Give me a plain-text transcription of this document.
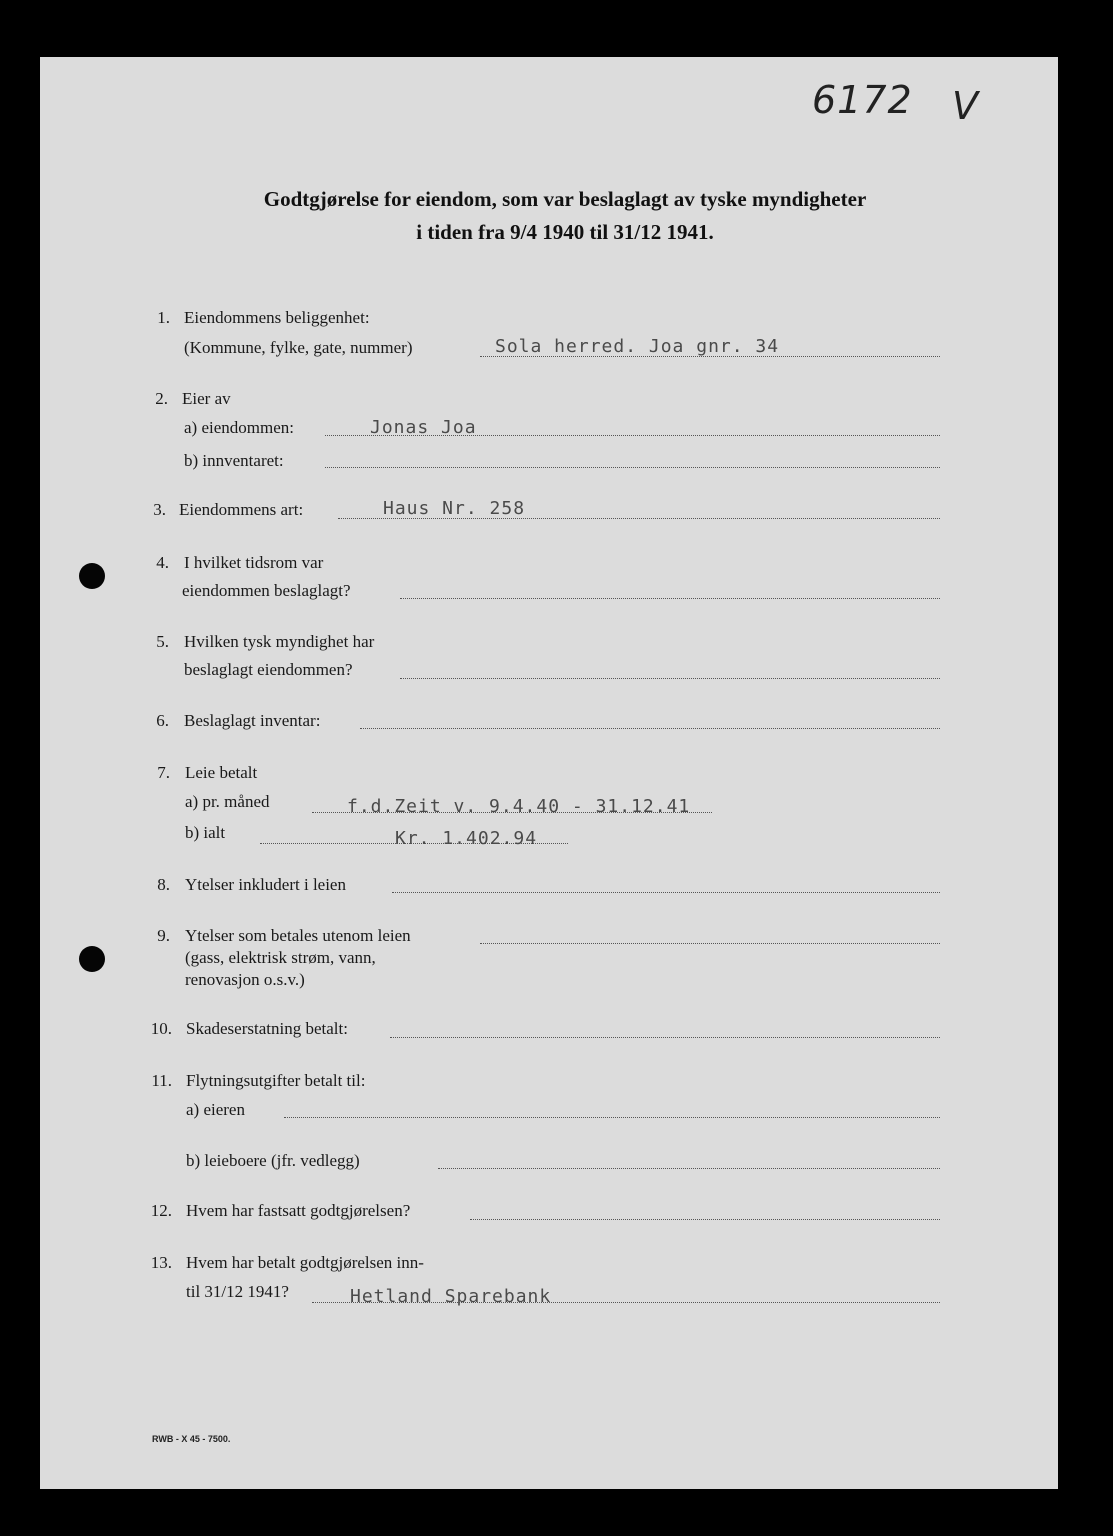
6172 V
Godtgjørelse for eiendom, som var beslaglagt av tyske myndigheter
i tiden fra 9/4 1940 til 31/12 1941.
1. Eiendommens beliggenhet:
(Kommune, fylke, gate, nummer)	Sola herred. Joa gnr. 34
2. Eier av
a) eiendommen:	Jonas Joa
b) innventaret:
3. Eiendommens art:	Haus Nr. 258
4. I hvilket tidsrom var
eiendommen beslaglagt?
5. Hvilken tysk myndighet har
beslaglagt eiendommen?
6. Beslaglagt inventar:
7. Leie betalt
a) pr. måned	f.d.Zeit v. 9.4.40 - 31.12.41
b) ialt	Kr. 1.402.94
8. Ytelser inkludert i leien
9. Ytelser som betales utenom leien
(gass, elektrisk strøm, vann,
renovasjon o.s.v.)
10. Skadeserstatning betalt:
11. Flytningsutgifter betalt til:
a) eieren
b) leieboere (jfr. vedlegg)
12. Hvem har fastsatt godtgjørelsen?
13. Hvem har betalt godtgjørelsen inn-
til 31/12 1941?	Hetland Sparebank
RWB - X 45 - 7500.
